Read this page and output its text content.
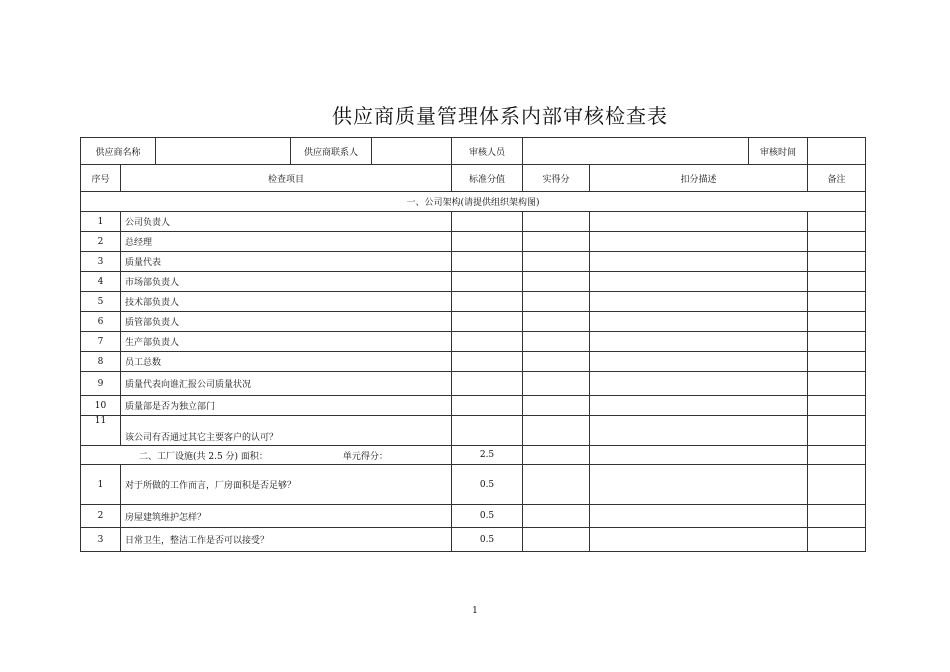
供应商质量管理体系内部审核检查表
供应商名称			供应商联系人		审核人员			审核时间	
序号	检查项目				标准分值	实得分	扣分描述		备注
一、公司架构(请提供组织架构图)									
1	公司负责人								
2	总经理								
3	质量代表								
4	市场部负责人								
5	技术部负责人								
6	质管部负责人								
7	生产部负责人								
8	员工总数								
9	质量代表向谁汇报公司质量状况								
10	质量部是否为独立部门								
11	该公司有否通过其它主要客户的认可？								
二、工厂设施(共 2.5 分) 面积： 单元得分：					2.5				
1	对于所做的工作而言，厂房面积是否足够？				0.5				
2	房屋建筑维护怎样？				0.5				
3	日常卫生，整洁工作是否可以接受？				0.5				
1
